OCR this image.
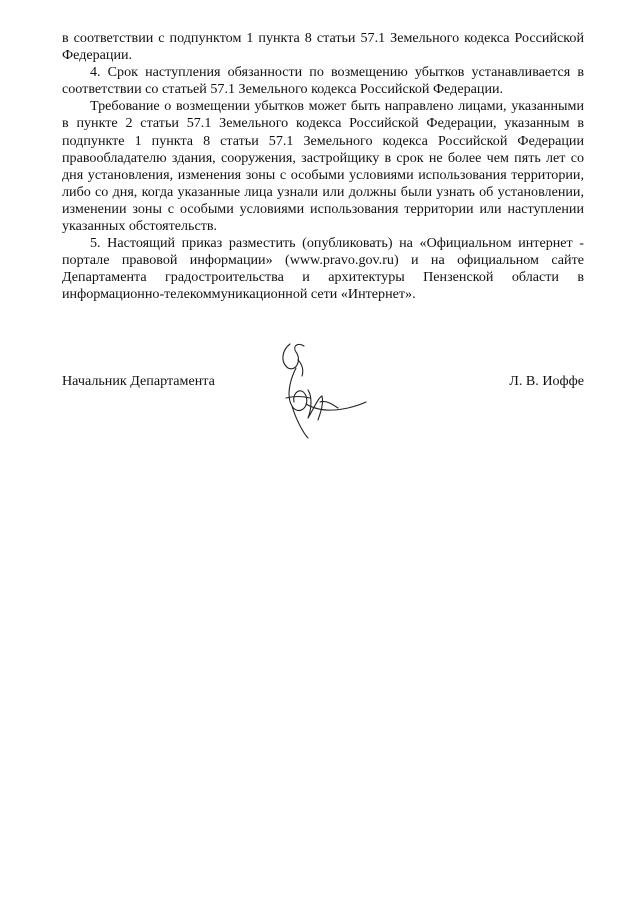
в соответствии с подпунктом 1 пункта 8 статьи 57.1 Земельного кодекса Российской Федерации.

4. Срок наступления обязанности по возмещению убытков устанавливается в соответствии со статьей 57.1 Земельного кодекса Российской Федерации.

Требование о возмещении убытков может быть направлено лицами, указанными в пункте 2 статьи 57.1 Земельного кодекса Российской Федерации, указанным в подпункте 1 пункта 8 статьи 57.1 Земельного кодекса Российской Федерации правообладателю здания, сооружения, застройщику в срок не более чем пять лет со дня установления, изменения зоны с особыми условиями использования территории, либо со дня, когда указанные лица узнали или должны были узнать об установлении, изменении зоны с особыми условиями использования территории или наступлении указанных обстоятельств.

5. Настоящий приказ разместить (опубликовать) на «Официальном интернет - портале правовой информации» (www.pravo.gov.ru) и на официальном сайте Департамента градостроительства и архитектуры Пензенской области в информационно-телекоммуникационной сети «Интернет».

Начальник Департамента	Л. В. Иоффе
